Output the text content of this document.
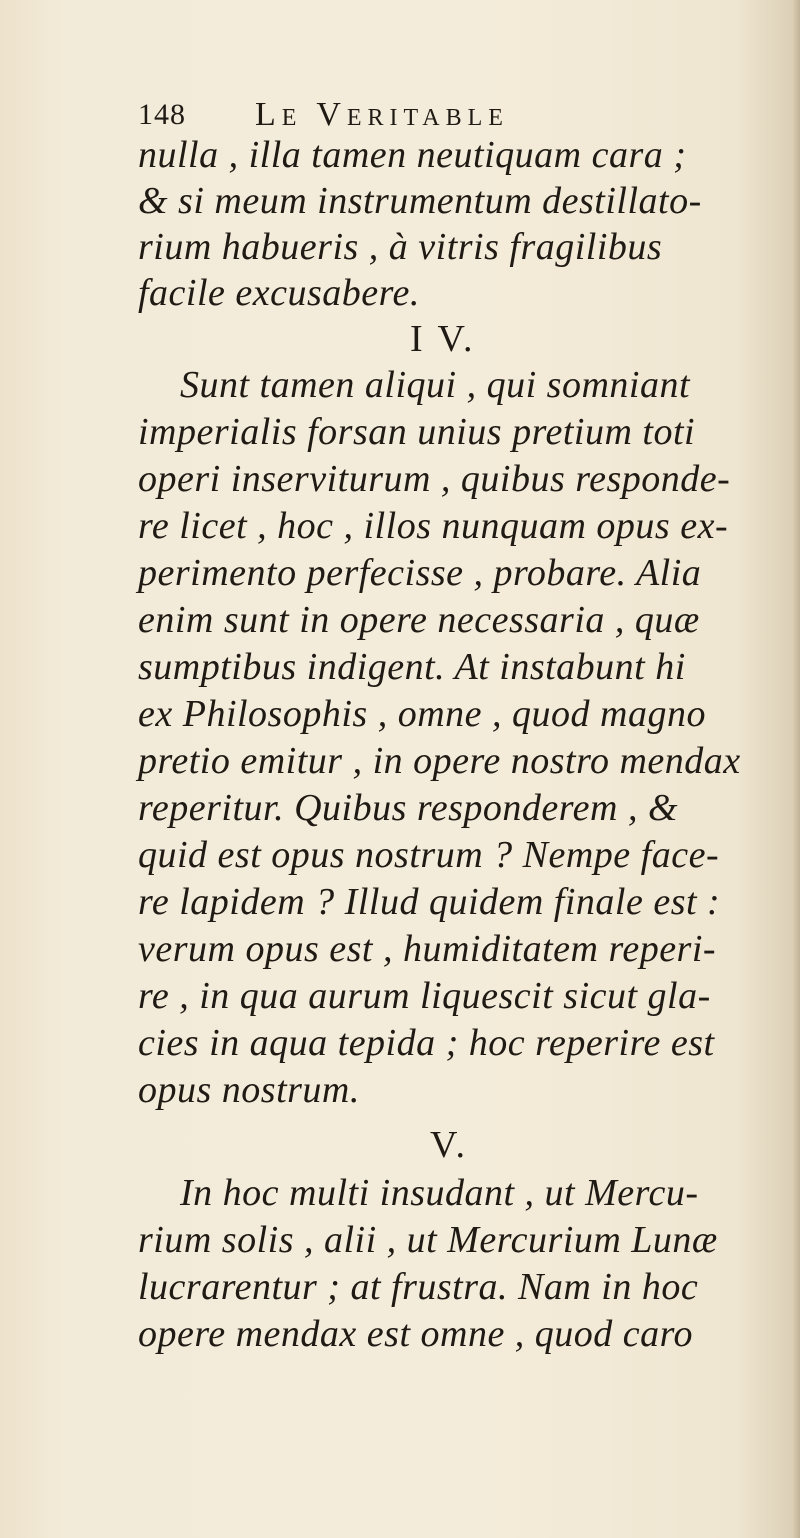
148 Le Veritable
nulla , illa tamen neutiquam cara ;
& si meum instrumentum destillato-
rium habueris , à vitris fragilibus
facile excusabere.
I V.
Sunt tamen aliqui , qui somniant
imperialis forsan unius pretium toti
operi inserviturum , quibus responde-
re licet , hoc , illos nunquam opus ex-
perimento perfecisse , probare. Alia
enim sunt in opere necessaria , quæ
sumptibus indigent. At instabunt hi
ex Philosophis , omne , quod magno
pretio emitur , in opere nostro mendax
reperitur. Quibus responderem , &
quid est opus nostrum ? Nempe face-
re lapidem ? Illud quidem finale est :
verum opus est , humiditatem reperi-
re , in qua aurum liquescit sicut gla-
cies in aqua tepida ; hoc reperire est
opus nostrum.
V.
In hoc multi insudant , ut Mercu-
rium solis , alii , ut Mercurium Lunæ
lucrarentur ; at frustra. Nam in hoc
opere mendax est omne , quod caro
